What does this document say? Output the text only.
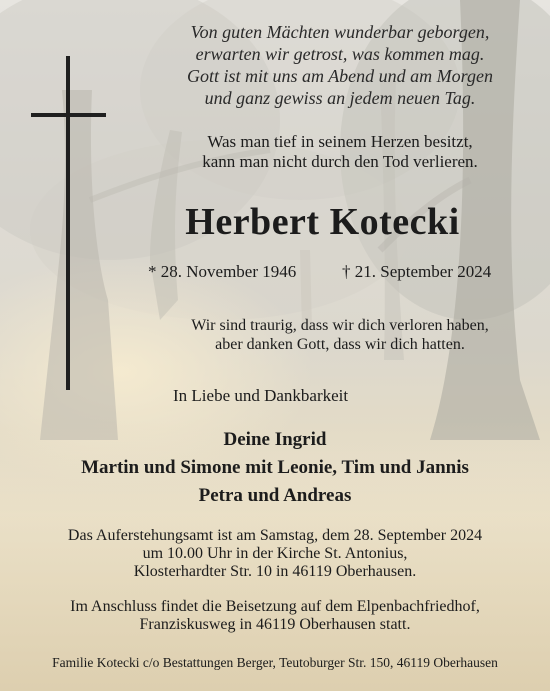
Von guten Mächten wunderbar geborgen,
erwarten wir getrost, was kommen mag.
Gott ist mit uns am Abend und am Morgen
und ganz gewiss an jedem neuen Tag.
Was man tief in seinem Herzen besitzt,
kann man nicht durch den Tod verlieren.
Herbert Kotecki
* 28. November 1946	† 21. September 2024
Wir sind traurig, dass wir dich verloren haben,
aber danken Gott, dass wir dich hatten.
In Liebe und Dankbarkeit
Deine Ingrid
Martin und Simone mit Leonie, Tim und Jannis
Petra und Andreas
Das Auferstehungsamt ist am Samstag, dem 28. September 2024
um 10.00 Uhr in der Kirche St. Antonius,
Klosterhardter Str. 10 in 46119 Oberhausen.
Im Anschluss findet die Beisetzung auf dem Elpenbachfriedhof,
Franziskusweg in 46119 Oberhausen statt.
Familie Kotecki c/o Bestattungen Berger, Teutoburger Str. 150, 46119 Oberhausen
